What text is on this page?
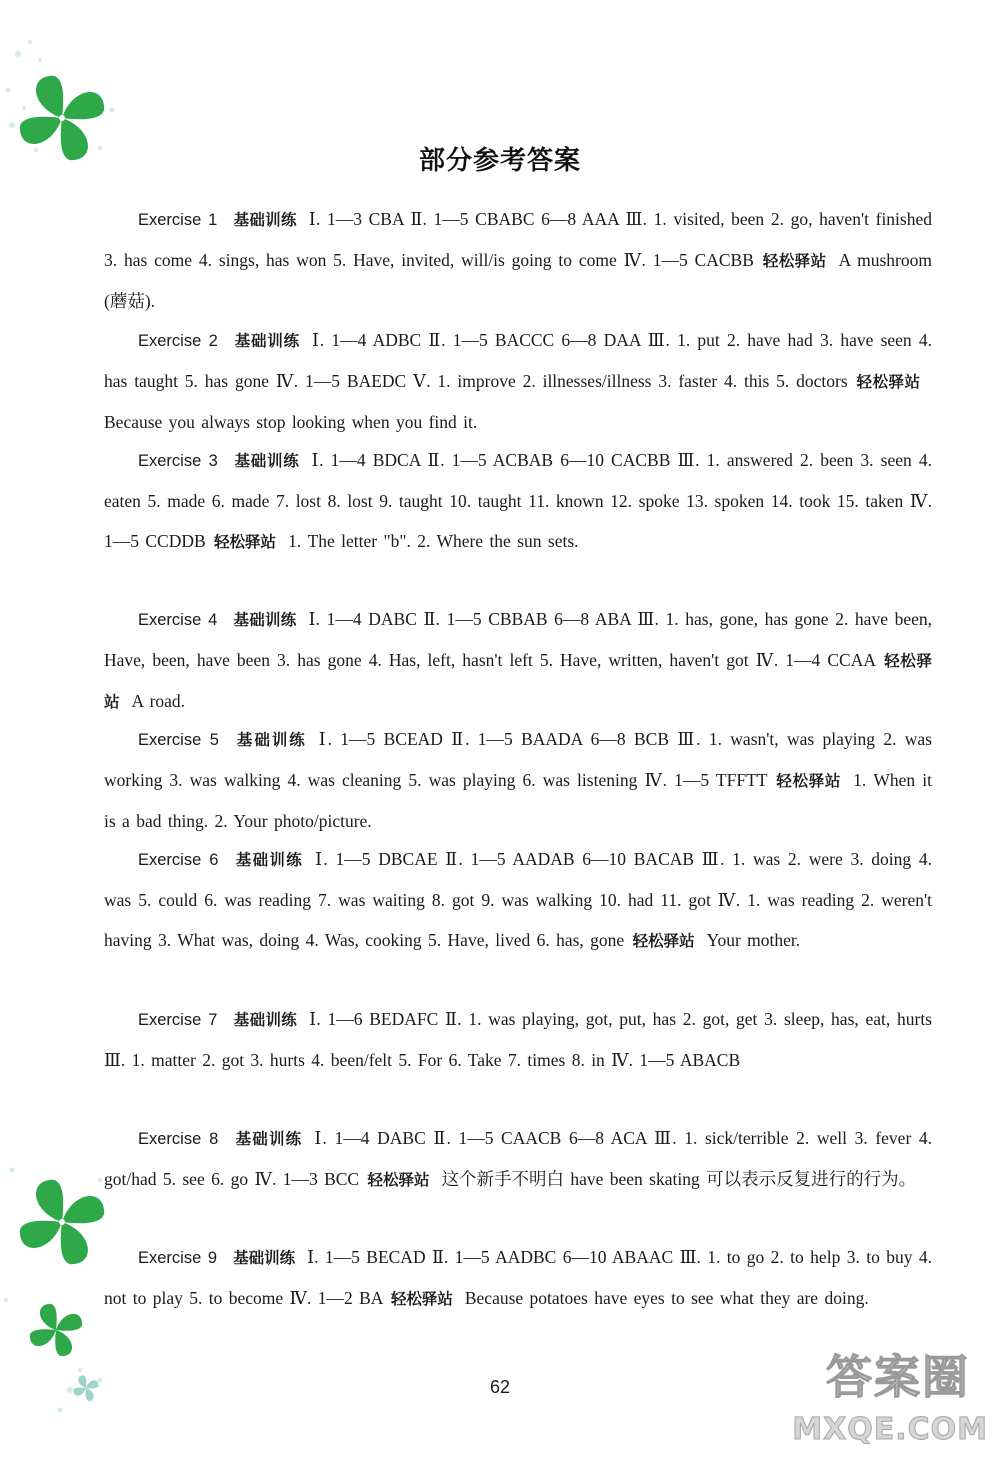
部分参考答案
Exercise 1 基础训练 Ⅰ. 1—3 CBA Ⅱ. 1—5 CBABC 6—8 AAA Ⅲ. 1. visited, been 2. go, haven't finished 3. has come 4. sings, has won 5. Have, invited, will/is going to come Ⅳ. 1—5 CACBB 轻松驿站 A mushroom (蘑菇).
Exercise 2 基础训练 Ⅰ. 1—4 ADBC Ⅱ. 1—5 BACCC 6—8 DAA Ⅲ. 1. put 2. have had 3. have seen 4. has taught 5. has gone Ⅳ. 1—5 BAEDC Ⅴ. 1. improve 2. illnesses/illness 3. faster 4. this 5. doctors 轻松驿站Because you always stop looking when you find it.
Exercise 3 基础训练 Ⅰ. 1—4 BDCA Ⅱ. 1—5 ACBAB 6—10 CACBB Ⅲ. 1. answered 2. been 3. seen 4. eaten 5. made 6. made 7. lost 8. lost 9. taught 10. taught 11. known 12. spoke 13. spoken 14. took 15. taken Ⅳ. 1—5 CCDDB 轻松驿站 1. The letter "b". 2. Where the sun sets.
Exercise 4 基础训练 Ⅰ. 1—4 DABC Ⅱ. 1—5 CBBAB 6—8 ABA Ⅲ. 1. has, gone, has gone 2. have been, Have, been, have been 3. has gone 4. Has, left, hasn't left 5. Have, written, haven't got Ⅳ. 1—4 CCAA 轻松驿站 A road.
Exercise 5 基础训练 Ⅰ. 1—5 BCEAD Ⅱ. 1—5 BAADA 6—8 BCB Ⅲ. 1. wasn't, was playing 2. was working 3. was walking 4. was cleaning 5. was playing 6. was listening Ⅳ. 1—5 TFFTT 轻松驿站 1. When it is a bad thing. 2. Your photo/picture.
Exercise 6 基础训练 Ⅰ. 1—5 DBCAE Ⅱ. 1—5 AADAB 6—10 BACAB Ⅲ. 1. was 2. were 3. doing 4. was 5. could 6. was reading 7. was waiting 8. got 9. was walking 10. had 11. got Ⅳ. 1. was reading 2. weren't having 3. What was, doing 4. Was, cooking 5. Have, lived 6. has, gone 轻松驿站 Your mother.
Exercise 7 基础训练 Ⅰ. 1—6 BEDAFC Ⅱ. 1. was playing, got, put, has 2. got, get 3. sleep, has, eat, hurts Ⅲ. 1. matter 2. got 3. hurts 4. been/felt 5. For 6. Take 7. times 8. in Ⅳ. 1—5 ABACB
Exercise 8 基础训练 Ⅰ. 1—4 DABC Ⅱ. 1—5 CAACB 6—8 ACA Ⅲ. 1. sick/terrible 2. well 3. fever 4. got/had 5. see 6. go Ⅳ. 1—3 BCC 轻松驿站 这个新手不明白 have been skating 可以表示反复进行的行为。
Exercise 9 基础训练 Ⅰ. 1—5 BECAD Ⅱ. 1—5 AADBC 6—10 ABAAC Ⅲ. 1. to go 2. to help 3. to buy 4. not to play 5. to become Ⅳ. 1—2 BA 轻松驿站 Because potatoes have eyes to see what they are doing.
62	答案圈
MXQE.COM
